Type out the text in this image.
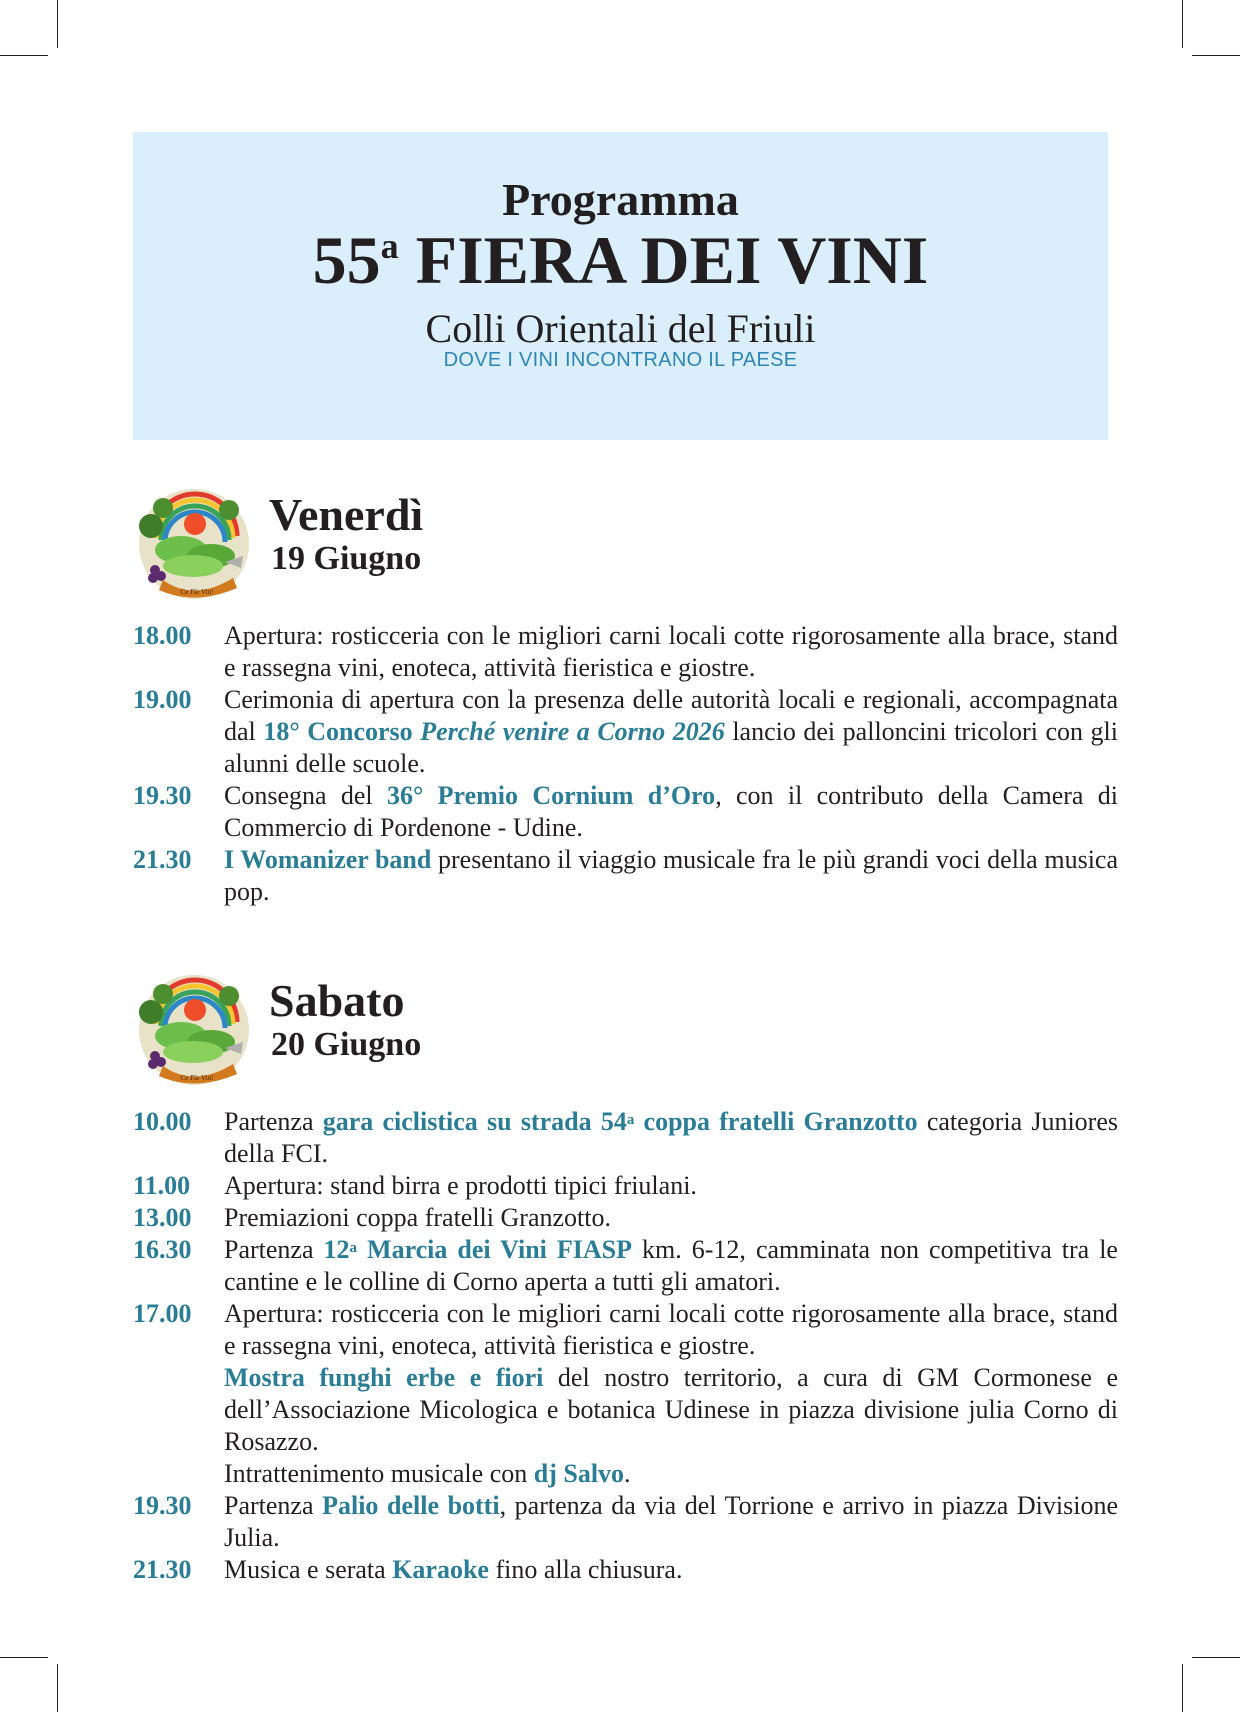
Programma
55$^a$ FIERA DEI VINI
Colli Orientali del Friuli
DOVE I VINI INCONTRANO IL PAESE
Ce Pâr Vin!
Venerdì
19 Giugno
18.00	Apertura: rosticceria con le migliori carni locali cotte rigorosamente alla brace, stand e rassegna vini, enoteca, attività fieristica e giostre.
19.00	Cerimonia di apertura con la presenza delle autorità locali e regionali, accompagnata dal 18° Concorso Perché venire a Corno 2026 lancio dei palloncini tricolori con gli alunni delle scuole.
19.30	Consegna del 36° Premio Cornium d’Oro, con il contributo della Camera di Commercio di Pordenone - Udine.
21.30	I Womanizer band presentano il viaggio musicale fra le più grandi voci della musica pop.
Ce Pâr Vin!
Sabato
20 Giugno
10.00	Partenza gara ciclistica su strada 54$^a$ coppa fratelli Granzotto categoria Juniores della FCI.
11.00	Apertura: stand birra e prodotti tipici friulani.
13.00	Premiazioni coppa fratelli Granzotto.
16.30	Partenza 12$^a$ Marcia dei Vini FIASP km. 6-12, camminata non competitiva tra le cantine e le colline di Corno aperta a tutti gli amatori.
17.00	Apertura: rosticceria con le migliori carni locali cotte rigorosamente alla brace, stand e rassegna vini, enoteca, attività fieristica e giostre.
Mostra funghi erbe e fiori del nostro territorio, a cura di GM Cormonese e dell’Associazione Micologica e botanica Udinese in piazza divisione julia Corno di Rosazzo.
Intrattenimento musicale con dj Salvo.
19.30	Partenza Palio delle botti, partenza da via del Torrione e arrivo in piazza Divisione Julia.
21.30	Musica e serata Karaoke fino alla chiusura.
